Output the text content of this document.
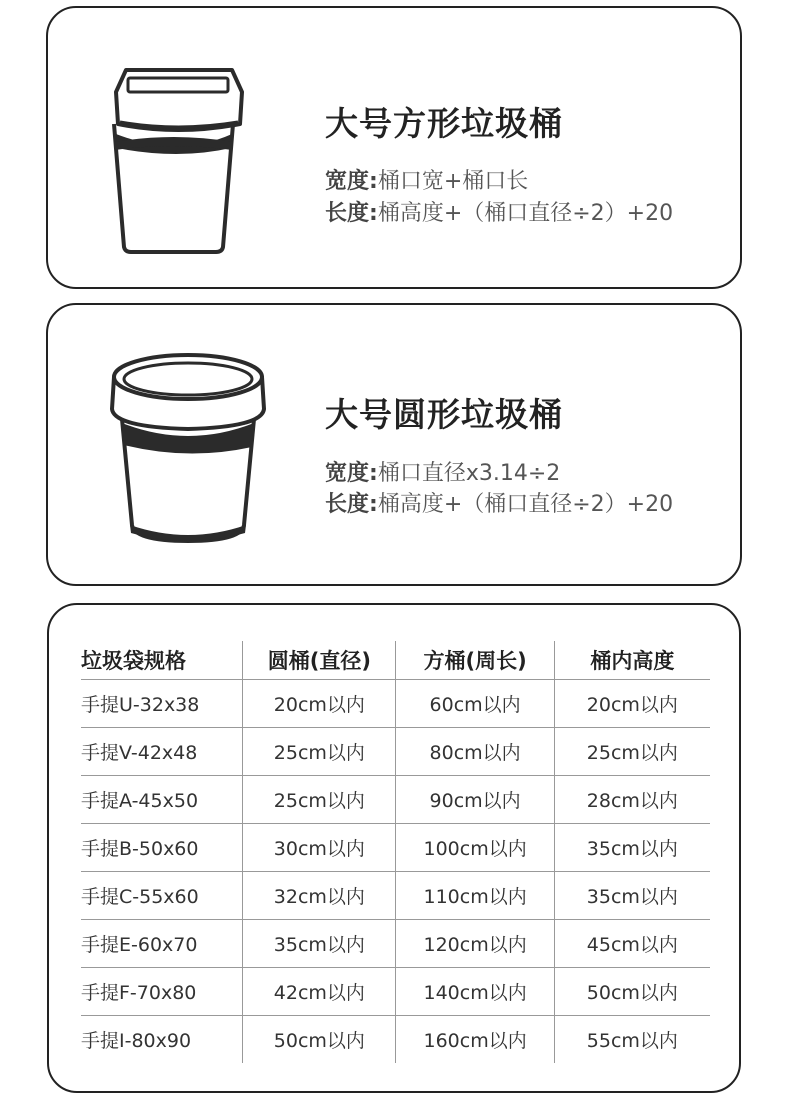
大号方形垃圾桶
宽度:桶口宽+桶口长
长度:桶高度+（桶口直径÷2）+20
大号圆形垃圾桶
宽度:桶口直径x3.14÷2
长度:桶高度+（桶口直径÷2）+20
垃圾袋规格	圆桶(直径)	方桶(周长)	桶内高度
手提U-32x38	20cm以内	60cm以内	20cm以内
手提V-42x48	25cm以内	80cm以内	25cm以内
手提A-45x50	25cm以内	90cm以内	28cm以内
手提B-50x60	30cm以内	100cm以内	35cm以内
手提C-55x60	32cm以内	110cm以内	35cm以内
手提E-60x70	35cm以内	120cm以内	45cm以内
手提F-70x80	42cm以内	140cm以内	50cm以内
手提I-80x90	50cm以内	160cm以内	55cm以内
